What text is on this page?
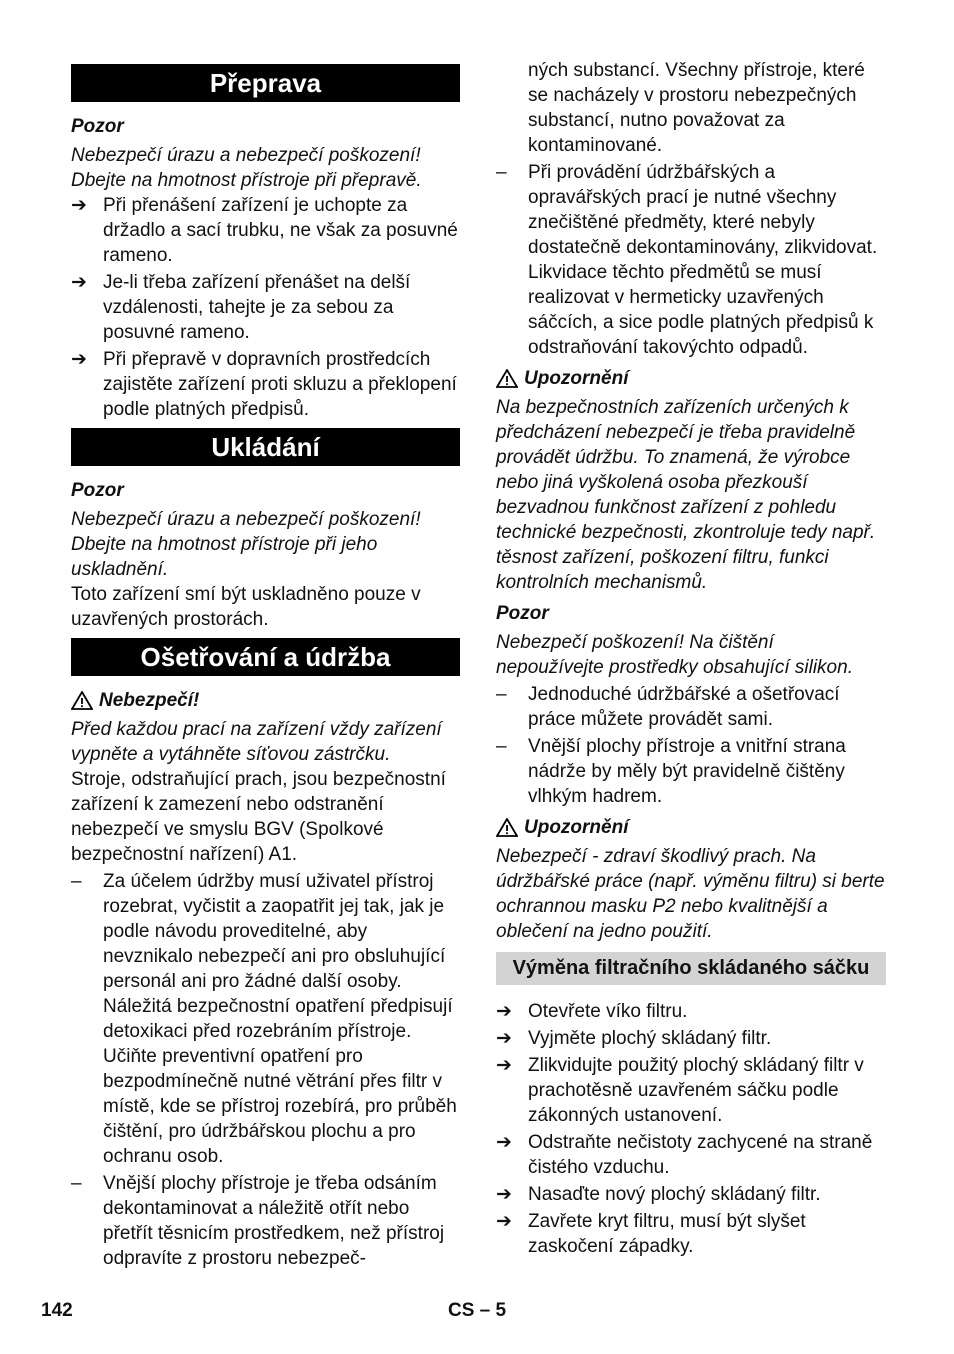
Přeprava

Pozor

Nebezpečí úrazu a nebezpečí poškození! Dbejte na hmotnost přístroje při přepravě.

➔ Při přenášení zařízení je uchopte za držadlo a sací trubku, ne však za posuvné rameno.
➔ Je-li třeba zařízení přenášet na delší vzdálenosti, tahejte je za sebou za posuvné rameno.
➔ Při přepravě v dopravních prostředcích zajistěte zařízení proti skluzu a překlopení podle platných předpisů.
Ukládání

Pozor

Nebezpečí úrazu a nebezpečí poškození! Dbejte na hmotnost přístroje při jeho uskladnění.

Toto zařízení smí být uskladněno pouze v uzavřených prostorách.

Ošetřování a údržba
Nebezpečí!

Před každou prací na zařízení vždy zařízení vypněte a vytáhněte síťovou zástrčku.

Stroje, odstraňující prach, jsou bezpečnostní zařízení k zamezení nebo odstranění nebezpečí ve smyslu BGV (Spolkové bezpečnostní nařízení) A1.

–	Za účelem údržby musí uživatel přístroj rozebrat, vyčistit a zaopatřit jej tak, jak je podle návodu proveditelné, aby nevznikalo nebezpečí ani pro obsluhující personál ani pro žádné další osoby. Náležitá bezpečnostní opatření předpisují detoxikaci před rozebráním přístroje. Učiňte preventivní opatření pro bezpodmínečně nutné větrání přes filtr v místě, kde se přístroj rozebírá, pro průběh čištění, pro údržbářskou plochu a pro ochranu osob.
–	Vnější plochy přístroje je třeba odsáním dekontaminovat a náležitě otřít nebo přetřít těsnicím prostředkem, než přístroj odpravíte z prostoru nebezpeč-

ných substancí. Všechny přístroje, které se nacházely v prostoru nebezpečných substancí, nutno považovat za kontaminované.

–	Při provádění údržbářských a opravářských prací je nutné všechny znečištěné předměty, které nebyly dostatečně dekontaminovány, zlikvidovat. Likvidace těchto předmětů se musí realizovat v hermeticky uzavřených sáčcích, a sice podle platných předpisů k odstraňování takovýchto odpadů.
Upozornění

Na bezpečnostních zařízeních určených k předcházení nebezpečí je třeba pravidelně provádět údržbu. To znamená, že výrobce nebo jiná vyškolená osoba přezkouší bezvadnou funkčnost zařízení z pohledu technické bezpečnosti, zkontroluje tedy např. těsnost zařízení, poškození filtru, funkci kontrolních mechanismů.

Pozor

Nebezpečí poškození! Na čištění nepoužívejte prostředky obsahující silikon.

–	Jednoduché údržbářské a ošetřovací práce můžete provádět sami.
–	Vnější plochy přístroje a vnitřní strana nádrže by měly být pravidelně čištěny vlhkým hadrem.
Upozornění

Nebezpečí - zdraví škodlivý prach. Na údržbářské práce (např. výměnu filtru) si berte ochrannou masku P2 nebo kvalitnější a oblečení na jedno použití.

Výměna filtračního skládaného sáčku
➔ Otevřete víko filtru.
➔ Vyjměte plochý skládaný filtr.
➔ Zlikvidujte použitý plochý skládaný filtr v prachotěsně uzavřeném sáčku podle zákonných ustanovení.
➔ Odstraňte nečistoty zachycené na straně čistého vzduchu.
➔ Nasaďte nový plochý skládaný filtr.
➔ Zavřete kryt filtru, musí být slyšet zaskočení západky.
142	CS – 5
